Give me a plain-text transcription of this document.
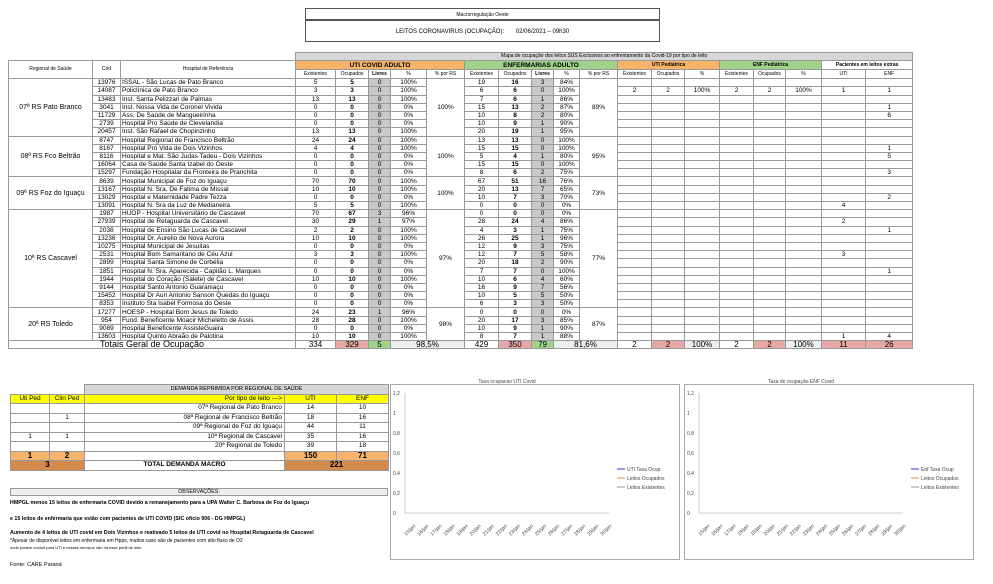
Macrorregulação Oeste
LEITOS CORONAVIRUS (OCUPAÇÃO):       02/06/2021 – 09h30
			Mapa de ocupação dos leitos SUS Exclusivos ao enfrentamento da Covid-19 por tipo de leito																		
Regional de Saúde	Cód	Hospital de Referência	UTI COVID ADULTO					ENFERMARIAS ADULTO					UTI Pediátrica			ENF Pediátrica			Pacientes em leitos extras		
			Existentes	Ocupados	Livres	%	% por RS	Existentes	Ocupados	Livres	%	% por RS	Existentes	Ocupados	%	Existentes	Ocupados	%	UTI	ENF	
07ª RS Pato Branco	13976	ISSAL - São Lucas de Pato Branco	5	5	0	100%	100%	19	16	3	84%	89%									
	14087	Policlínica de Pato Branco	3	3	0	100%		6	6	0	100%		2	2	100%	2	2	100%	1	1	
	13483	Inst. Santa Pelizzari de Palmas	13	13	0	100%		7	6	1	86%										
	3041	Inst. Nossa Vida de Coronel Vivida	0	0	0	0%		15	13	2	87%									1	
	11729	Ass. De Saúde de Mangueirinha	0	0	0	0%		10	8	2	80%									6	
	2739	Hospital Pro Saúde de Clevelandia	0	0	0	0%		10	9	1	90%										
	20457	Inst. São Rafael de Chopinzinho	13	13	0	100%		20	19	1	95%										
08ª RS Fco Beltrão	8747	Hospital Regional de Francisco Beltrão	24	24	0	100%	100%	13	13	0	100%	95%									
	8167	Hospital Pró Vida de Dois Vizinhos	4	4	0	100%		15	15	0	100%									1	
	8116	Hospital e Mat. São Judas Tadeu - Dois Vizinhos	0	0	0	0%		5	4	1	80%									5	
	16064	Casa de Saúde Santa Izabel do Oeste	0	0	0	0%		15	15	0	100%										
	15297	Fundação Hospitalar da Fronteira de Pranchita	0	0	0	0%		8	6	2	75%									3	
09ª RS Foz do Iguaçu	8639	Hospital Municipal de Foz do Iguaçu	70	70	0	100%	100%	67	51	16	76%	73%									
	13167	Hospital N. Sra. De Fatima de Missal	10	10	0	100%		20	13	7	65%										
	13029	Hospital e Maternidade Padre Tezza	0	0	0	0%		10	7	3	70%									2	
	13091	Hospital N. Sra da Luz de Medianeira	5	5	0	100%		0	0	0	0%								4		
10ª RS Cascavel	1987	HUOP - Hospital Universitário de Cascavel	70	67	3	96%	97%	0	0	0	0%	77%									
	27939	Hospital de Retaguarda de Cascavel	30	29	1	97%		28	24	4	86%								2		
	2038	Hospital de Ensino São Lucas de Cascavel	2	2	0	100%		4	3	1	75%									1	
	13236	Hospital Dr. Aurelio de Nova Aurora	10	10	0	100%		26	25	1	96%										
	10275	Hospital Municipal de Jesuitas	0	0	0	0%		12	9	3	75%										
	2531	Hospital Bom Samaritano de Céu Azul	3	3	0	100%		12	7	5	58%								3		
	2899	Hospital Santa Simone de Corbélia	0	0	0	0%		20	18	2	90%										
	1851	Hospital N. Sra. Aparecida - Capitão L. Marques	0	0	0	0%		7	7	0	100%									1	
	1944	Hospital do Coração (Salete) de Cascavel	10	10	0	100%		10	6	4	60%										
	9144	Hospital Santo Antonio Guaraniaçu	0	0	0	0%		16	9	7	56%										
	15452	Hospital Dr Auri Antonio Sanson Quedas do Iguaçu	0	0	0	0%		10	5	5	50%										
	8353	Instituto Sta Isabel Formosa do Oeste	0	0	0	0%		6	3	3	50%										
20ª RS Toledo	17277	HOESP - Hospital Bom Jesus de Toledo	24	23	1	96%	98%	0	0	0	0%	87%									
	954	Fund. Beneficente Moacir Micheletto de Assis	28	28	0	100%		20	17	3	85%										
	9089	Hospital Beneficente AssisteGuaira	0	0	0	0%		10	9	1	90%										
	13603	Hospital Quinto Abraão de Palotina	10	10	0	100%		8	7	1	88%								1	4	
Totais Geral de Ocupação			334	329	5	98,5%		429	350	79	81,6%		2	2	100%	2	2	100%	11	26	
		DEMANDA REPRIMIDA POR REGIONAL DE SAÚDE		
Uti Ped	Clin Ped	Por tipo de leito --->	UTI	ENF
		07ª Regional de Pato Branco	14	10
	1	08ª Regional de Francisco Beltrão	18	16
		09ª Regional de Foz do Iguaçu	44	11
1	1	10ª Regional de Cascavel	35	16
		20ª Regional de Toledo	39	18
1	2		150	71
3		TOTAL DEMANDA MACRO	221	
OBSERVAÇÕES:
HMPGL menos 15 leitos de enfermaria COVID devido a remanejamento para a UPA Walter C. Barbosa de Foz do Iguaçu
e 15 leitos de enfermaria que estão com pacientes de UTI COVID (SIC ofício 906 - DG HMPGL)
Aumento de 4 leitos de UTI covid em Dois Vizinhos e reativado 5 leitos de UTI covid no Hospital Retaguarda de Cascavel
*Apesar de disponível leitos em enfermaria em Hpps, muitos caso são de pacientes com alto fluxo de O2
onde podem evoluir para UTI e nesses serviços não há esse perfil de leito
Fonte: CARE Paraná
Taxa ocupacao UTI Covid
1,2
1
0,8
0,6
0,4
0,2
0
15/jan 16/jan 17/jan 18/jan 19/jan 20/jan 21/jan 22/jan 23/jan 24/jan 25/jan 26/jan 27/jan 28/jan 29/jan 30/jan
UTI Taxa Ocup
Leitos Ocupados
Leitos Existentes
Taxa de ocupação ENF Covid
1,2
1
0,8
0,6
0,4
0,2
0
15/jan 16/jan 17/jan 18/jan 19/jan 20/jan 21/jan 22/jan 23/jan 24/jan 25/jan 26/jan 27/jan 28/jan 29/jan 30/jan
Enf Taxa Ocup
Leitos Ocupados
Leitos Existentes
